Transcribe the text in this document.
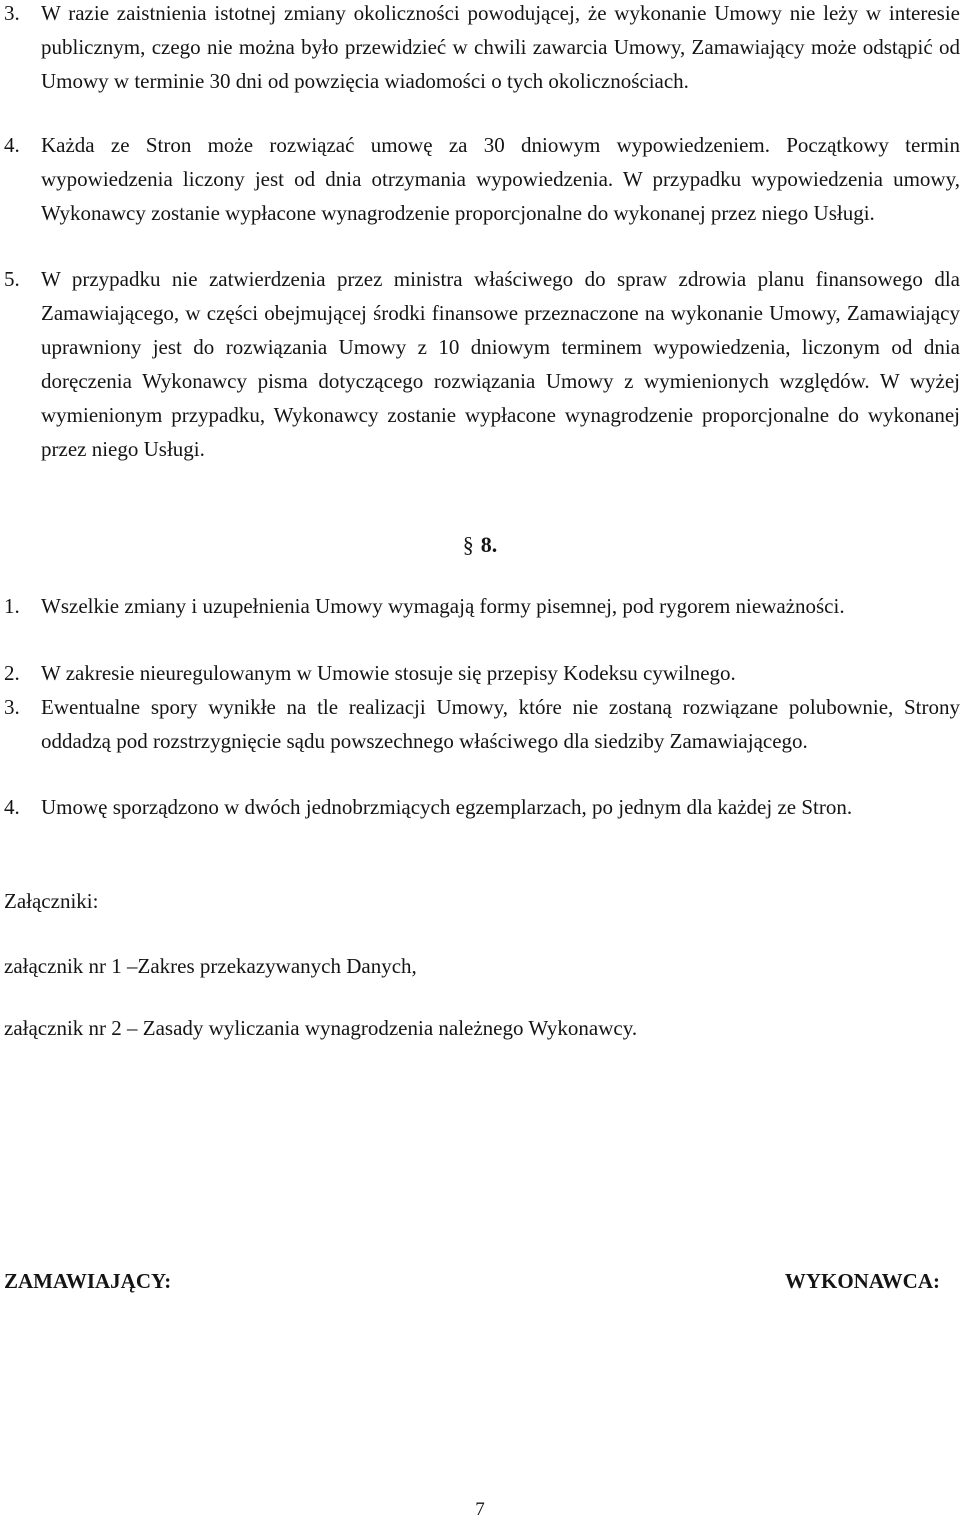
3.	W razie zaistnienia istotnej zmiany okoliczności powodującej, że wykonanie Umowy nie leży w interesie publicznym, czego nie można było przewidzieć w chwili zawarcia Umowy, Zamawiający może odstąpić od Umowy w terminie 30 dni od powzięcia wiadomości o tych okolicznościach.
4.	Każda ze Stron może rozwiązać umowę za 30 dniowym wypowiedzeniem. Początkowy termin wypowiedzenia liczony jest od dnia otrzymania wypowiedzenia. W przypadku wypowiedzenia umowy, Wykonawcy zostanie wypłacone wynagrodzenie proporcjonalne do wykonanej przez niego Usługi.
5.	W przypadku nie zatwierdzenia przez ministra właściwego do spraw zdrowia planu finansowego dla Zamawiającego, w części obejmującej środki finansowe przeznaczone na wykonanie Umowy, Zamawiający uprawniony jest do rozwiązania Umowy z 10 dniowym terminem wypowiedzenia, liczonym od dnia doręczenia Wykonawcy pisma dotyczącego rozwiązania Umowy z wymienionych względów. W wyżej wymienionym przypadku, Wykonawcy zostanie wypłacone wynagrodzenie proporcjonalne do wykonanej przez niego Usługi.
§ 8.
1.	Wszelkie zmiany i uzupełnienia Umowy wymagają formy pisemnej, pod rygorem nieważności.
2.	W zakresie nieuregulowanym w Umowie stosuje się przepisy Kodeksu cywilnego.
3.	Ewentualne spory wynikłe na tle realizacji Umowy, które nie zostaną rozwiązane polubownie, Strony oddadzą pod rozstrzygnięcie sądu powszechnego właściwego dla siedziby Zamawiającego.
4.	Umowę sporządzono w dwóch jednobrzmiących egzemplarzach, po jednym dla każdej ze Stron.
Załączniki:
załącznik nr 1 –Zakres przekazywanych Danych,
załącznik nr 2 – Zasady wyliczania wynagrodzenia należnego Wykonawcy.
ZAMAWIAJĄCY:	WYKONAWCA:
7
